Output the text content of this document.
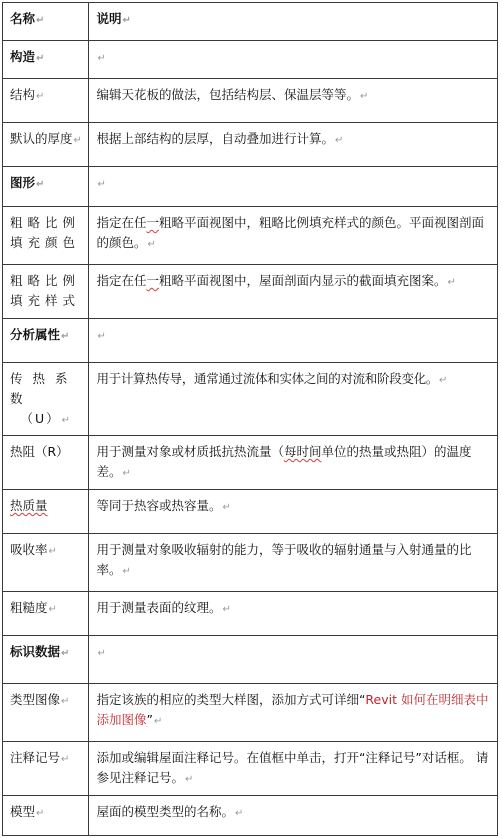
名称↵	说明↵
构造↵	↵
结构↵	编辑天花板的做法，包括结构层、保温层等等。↵
默认的厚度↵	根据上部结构的层厚，自动叠加进行计算。↵
图形↵	↵
粗略比例填充颜色	指定在任一粗略平面视图中，粗略比例填充样式的颜色。平面视图剖面的颜色。↵
粗略比例填充样式	指定在任一粗略平面视图中，屋面剖面内显示的截面填充图案。↵
分析属性↵	↵
传热系数
（U）↵	用于计算热传导，通常通过流体和实体之间的对流和阶段变化。↵
热阻（R）	用于测量对象或材质抵抗热流量（每时间单位的热量或热阻）的温度差。↵
热质量	等同于热容或热容量。↵
吸收率↵	用于测量对象吸收辐射的能力，等于吸收的辐射通量与入射通量的比率。↵
粗糙度↵	用于测量表面的纹理。↵
标识数据↵	↵
类型图像↵	指定该族的相应的类型大样图，添加方式可详细“Revit 如何在明细表中添加图像”↵
注释记号↵	添加或编辑屋面注释记号。在值框中单击，打开“注释记号”对话框。 请参见注释记号。↵
模型↵	屋面的模型类型的名称。↵
